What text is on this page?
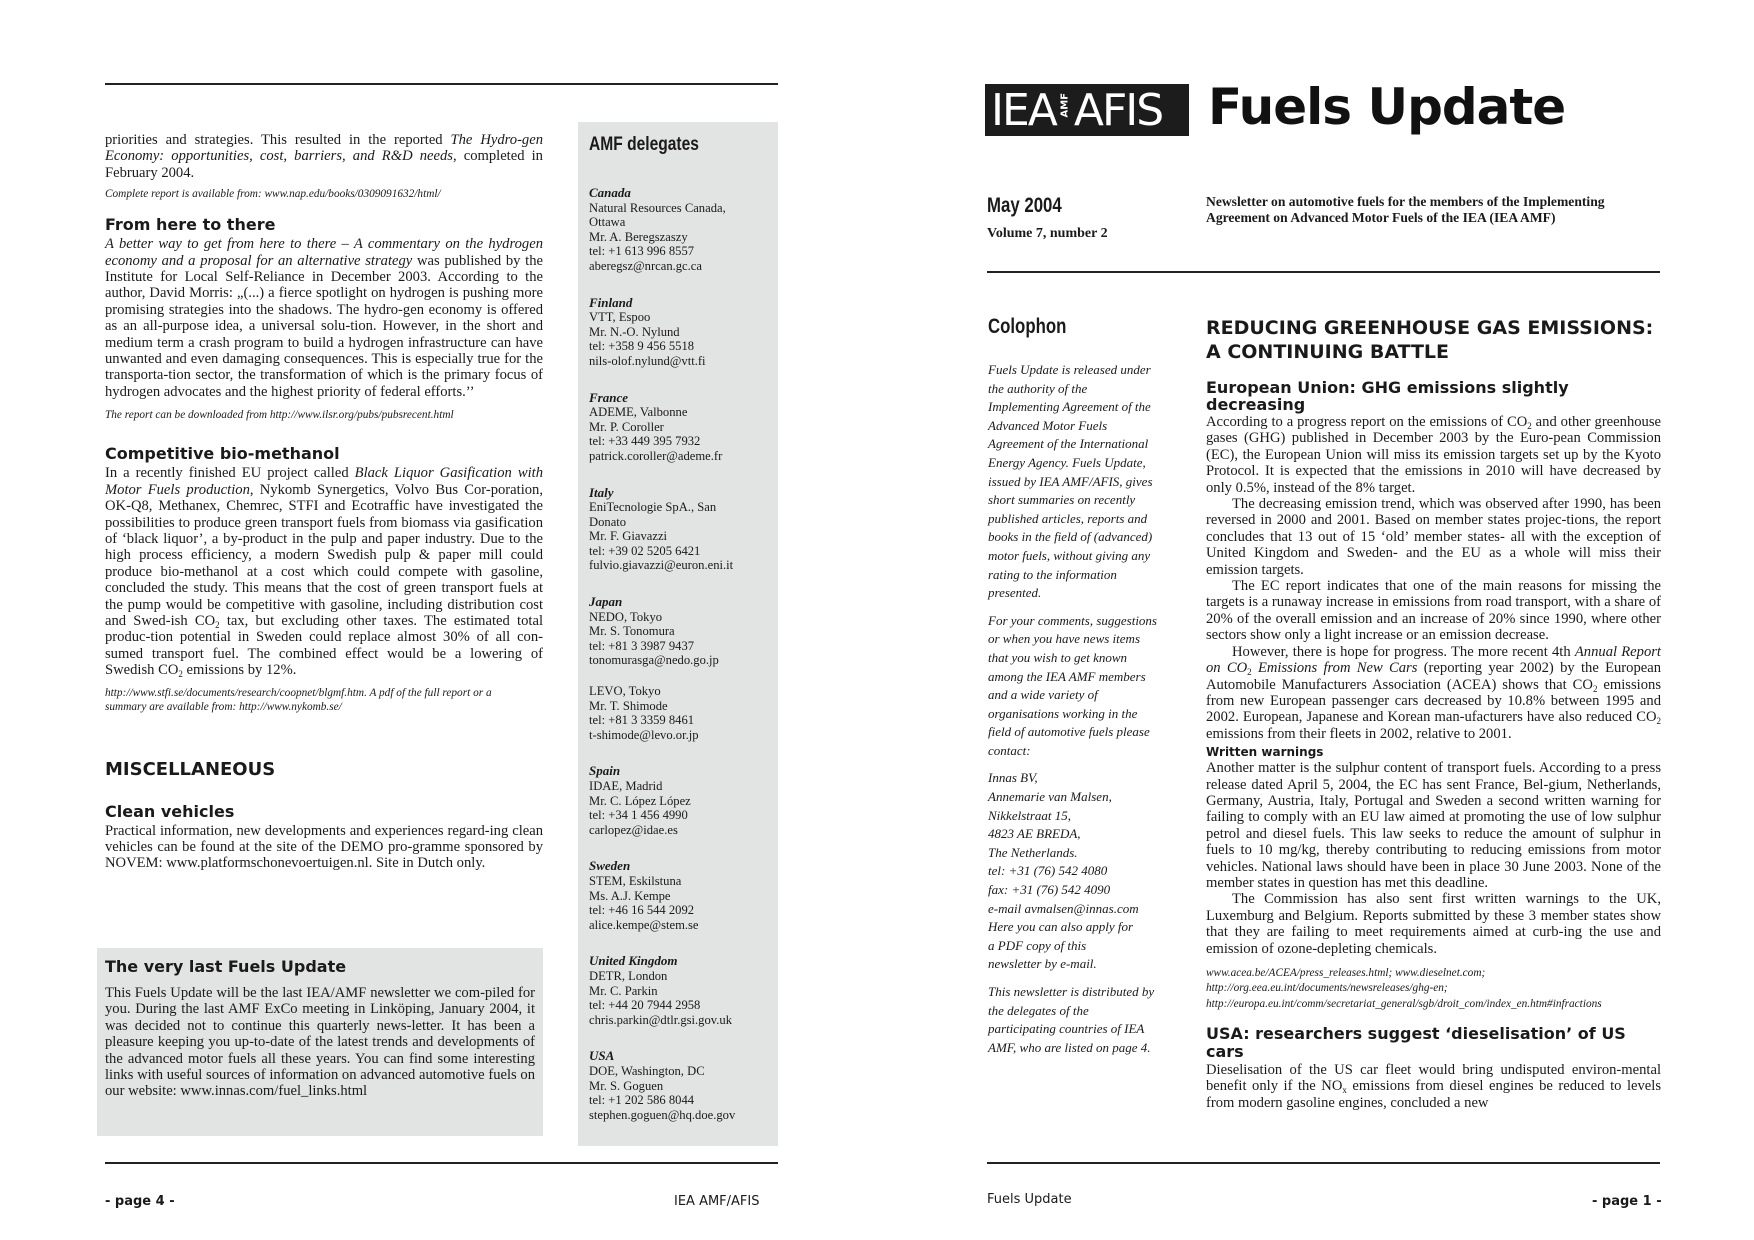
priorities and strategies. This resulted in the reported The Hydro-gen Economy: opportunities, cost, barriers, and R&D needs, completed in February 2004.
Complete report is available from: www.nap.edu/books/0309091632/html/
From here to there
A better way to get from here to there – A commentary on the hydrogen economy and a proposal for an alternative strategy was published by the Institute for Local Self-Reliance in December 2003. According to the author, David Morris: „(...) a fierce spotlight on hydrogen is pushing more promising strategies into the shadows. The hydro-gen economy is offered as an all-purpose idea, a universal solu-tion. However, in the short and medium term a crash program to build a hydrogen infrastructure can have unwanted and even damaging consequences. This is especially true for the transporta-tion sector, the transformation of which is the primary focus of hydrogen advocates and the highest priority of federal efforts.’’
The report can be downloaded from http://www.ilsr.org/pubs/pubsrecent.html
Competitive bio-methanol
In a recently finished EU project called Black Liquor Gasification with Motor Fuels production, Nykomb Synergetics, Volvo Bus Cor-poration, OK-Q8, Methanex, Chemrec, STFI and Ecotraffic have investigated the possibilities to produce green transport fuels from biomass via gasification of ‘black liquor’, a by-product in the pulp and paper industry. Due to the high process efficiency, a modern Swedish pulp & paper mill could produce bio-methanol at a cost which could compete with gasoline, concluded the study. This means that the cost of green transport fuels at the pump would be competitive with gasoline, including distribution cost and Swed-ish $CO_2$ tax, but excluding other taxes. The estimated total produc-tion potential in Sweden could replace almost 30% of all con-sumed transport fuel. The combined effect would be a lowering of Swedish $CO_2$ emissions by 12%.
http://www.stfi.se/documents/research/coopnet/blgmf.htm. A pdf of the full report or a summary are available from: http://www.nykomb.se/
MISCELLANEOUS
Clean vehicles
Practical information, new developments and experiences regard-ing clean vehicles can be found at the site of the DEMO pro-gramme sponsored by NOVEM: www.platformschonevoertuigen.nl. Site in Dutch only.
The very last Fuels Update
This Fuels Update will be the last IEA/AMF newsletter we com-piled for you. During the last AMF ExCo meeting in Linköping, January 2004, it was decided not to continue this quarterly news-letter. It has been a pleasure keeping you up-to-date of the latest trends and developments of the advanced motor fuels all these years. You can find some interesting links with useful sources of information on advanced automotive fuels on our website: www.innas.com/fuel_links.html
AMF delegates
Canada
Natural Resources Canada,
Ottawa
Mr. A. Beregszaszy
tel: +1 613 996 8557
aberegsz@nrcan.gc.ca
Finland
VTT, Espoo
Mr. N.-O. Nylund
tel: +358 9 456 5518
nils-olof.nylund@vtt.fi
France
ADEME, Valbonne
Mr. P. Coroller
tel: +33 449 395 7932
patrick.coroller@ademe.fr
Italy
EniTecnologie SpA., San
Donato
Mr. F. Giavazzi
tel: +39 02 5205 6421
fulvio.giavazzi@euron.eni.it
Japan
NEDO, Tokyo
Mr. S. Tonomura
tel: +81 3 3987 9437
tonomurasga@nedo.go.jp
LEVO, Tokyo
Mr. T. Shimode
tel: +81 3 3359 8461
t-shimode@levo.or.jp
Spain
IDAE, Madrid
Mr. C. López López
tel: +34 1 456 4990
carlopez@idae.es
Sweden
STEM, Eskilstuna
Ms. A.J. Kempe
tel: +46 16 544 2092
alice.kempe@stem.se
United Kingdom
DETR, London
Mr. C. Parkin
tel: +44 20 7944 2958
chris.parkin@dtlr.gsi.gov.uk
USA
DOE, Washington, DC
Mr. S. Goguen
tel: +1 202 586 8044
stephen.goguen@hq.doe.gov
- page 4 -	IEA AMF/AFIS
IEA AMF AFIS Fuels Update
May 2004
Volume 7, number 2
Newsletter on automotive fuels for the members of the Implementing Agreement on Advanced Motor Fuels of the IEA (IEA AMF)
Colophon

Fuels Update is released under the authority of the Implementing Agreement of the Advanced Motor Fuels Agreement of the International Energy Agency. Fuels Update, issued by IEA AMF/AFIS, gives short summaries on recently published articles, reports and books in the field of (advanced) motor fuels, without giving any rating to the information presented.

For your comments, suggestions or when you have news items that you wish to get known among the IEA AMF members and a wide variety of organisations working in the field of automotive fuels please contact:

Innas BV,
Annemarie van Malsen,
Nikkelstraat 15,
4823 AE BREDA,
The Netherlands.
tel: +31 (76) 542 4080
fax: +31 (76) 542 4090
e-mail avmalsen@innas.com
Here you can also apply for
a PDF copy of this
newsletter by e-mail.

This newsletter is distributed by the delegates of the participating countries of IEA AMF, who are listed on page 4.

REDUCING GREENHOUSE GAS EMISSIONS:
A CONTINUING BATTLE
European Union: GHG emissions slightly decreasing
According to a progress report on the emissions of $CO_2$ and other greenhouse gases (GHG) published in December 2003 by the Euro-pean Commission (EC), the European Union will miss its emission targets set up by the Kyoto Protocol. It is expected that the emissions in 2010 will have decreased by only 0.5%, instead of the 8% target.
The decreasing emission trend, which was observed after 1990, has been reversed in 2000 and 2001. Based on member states projec-tions, the report concludes that 13 out of 15 ‘old’ member states- all with the exception of United Kingdom and Sweden- and the EU as a whole will miss their emission targets.
The EC report indicates that one of the main reasons for missing the targets is a runaway increase in emissions from road transport, with a share of 20% of the overall emission and an increase of 20% since 1990, where other sectors show only a light increase or an emission decrease.
However, there is hope for progress. The more recent 4th Annual Report on $CO_2$ Emissions from New Cars (reporting year 2002) by the European Automobile Manufacturers Association (ACEA) shows that $CO_2$ emissions from new European passenger cars decreased by 10.8% between 1995 and 2002. European, Japanese and Korean man-ufacturers have also reduced $CO_2$ emissions from their fleets in 2002, relative to 2001.
Written warnings
Another matter is the sulphur content of transport fuels. According to a press release dated April 5, 2004, the EC has sent France, Bel-gium, Netherlands, Germany, Austria, Italy, Portugal and Sweden a second written warning for failing to comply with an EU law aimed at promoting the use of low sulphur petrol and diesel fuels. This law seeks to reduce the amount of sulphur in fuels to 10 mg/kg, thereby contributing to reducing emissions from motor vehicles. National laws should have been in place 30 June 2003. None of the member states in question has met this deadline.
The Commission has also sent first written warnings to the UK, Luxemburg and Belgium. Reports submitted by these 3 member states show that they are failing to meet requirements aimed at curb-ing the use and emission of ozone-depleting chemicals.
www.acea.be/ACEA/press_releases.html; www.dieselnet.com; http://org.eea.eu.int/documents/newsreleases/ghg-en; http://europa.eu.int/comm/secretariat_general/sgb/droit_com/index_en.htm#infractions
USA: researchers suggest ‘dieselisation’ of US cars
Dieselisation of the US car fleet would bring undisputed environ-mental benefit only if the $NO_x$ emissions from diesel engines be reduced to levels from modern gasoline engines, concluded a new
Fuels Update	- page 1 -
